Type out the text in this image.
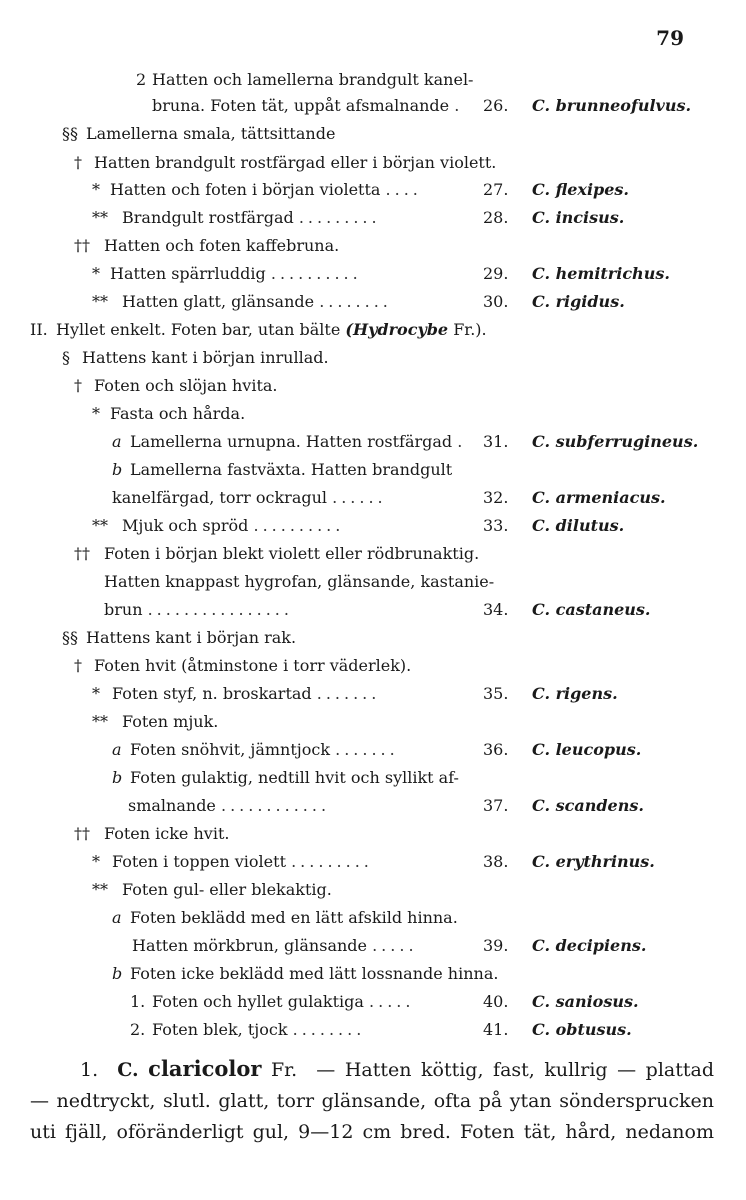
79
2 Hatten och lamellerna brandgult kanel-
bruna. Foten tät, uppåt afsmalnande . 26. C. brunneofulvus.
§§ Lamellerna smala, tättsittande
† Hatten brandgult rostfärgad eller i början violett.
* Hatten och foten i början violetta ....	27. C. flexipes.
** Brandgult rostfärgad .........	28. C. incisus.
†† Hatten och foten kaffebruna.
* Hatten spärrluddig ..........	29. C. hemitrichus.
** Hatten glatt, glänsande ........	30. C. rigidus.
II. Hyllet enkelt. Foten bar, utan bälte (Hydrocybe Fr.).
§ Hattens kant i början inrullad.
† Foten och slöjan hvita.
* Fasta och hårda.
a Lamellerna urnupna. Hatten rostfärgad . 31. C. subferrugineus.
b Lamellerna fastväxta. Hatten brandgult
kanelfärgad, torr ockragul ......	32. C. armeniacus.
** Mjuk och spröd ..........	33. C. dilutus.
†† Foten i början blekt violett eller rödbrunaktig.
Hatten knappast hygrofan, glänsande, kastanie-
brun ................	34. C. castaneus.
§§ Hattens kant i början rak.
† Foten hvit (åtminstone i torr väderlek).
* Foten styf, n. broskartad .......	35. C. rigens.
** Foten mjuk.
a Foten snöhvit, jämntjock .......	36. C. leucopus.
b Foten gulaktig, nedtill hvit och syllikt af-
smalnande ............	37. C. scandens.
†† Foten icke hvit.
* Foten i toppen violett .........	38. C. erythrinus.
** Foten gul- eller blekaktig.
a Foten beklädd med en lätt afskild hinna.
Hatten mörkbrun, glänsande .....	39. C. decipiens.
b Foten icke beklädd med lätt lossnande hinna.
1. Foten och hyllet gulaktiga .....	40. C. saniosus.
2. Foten blek, tjock ........	41. C. obtusus.
1. C. claricolor Fr. — Hatten köttig, fast, kullrig — plattad
— nedtryckt, slutl. glatt, torr glänsande, ofta på ytan söndersprucken
uti fjäll, oföränderligt gul, 9—12 cm bred. Foten tät, hård, nedanom
